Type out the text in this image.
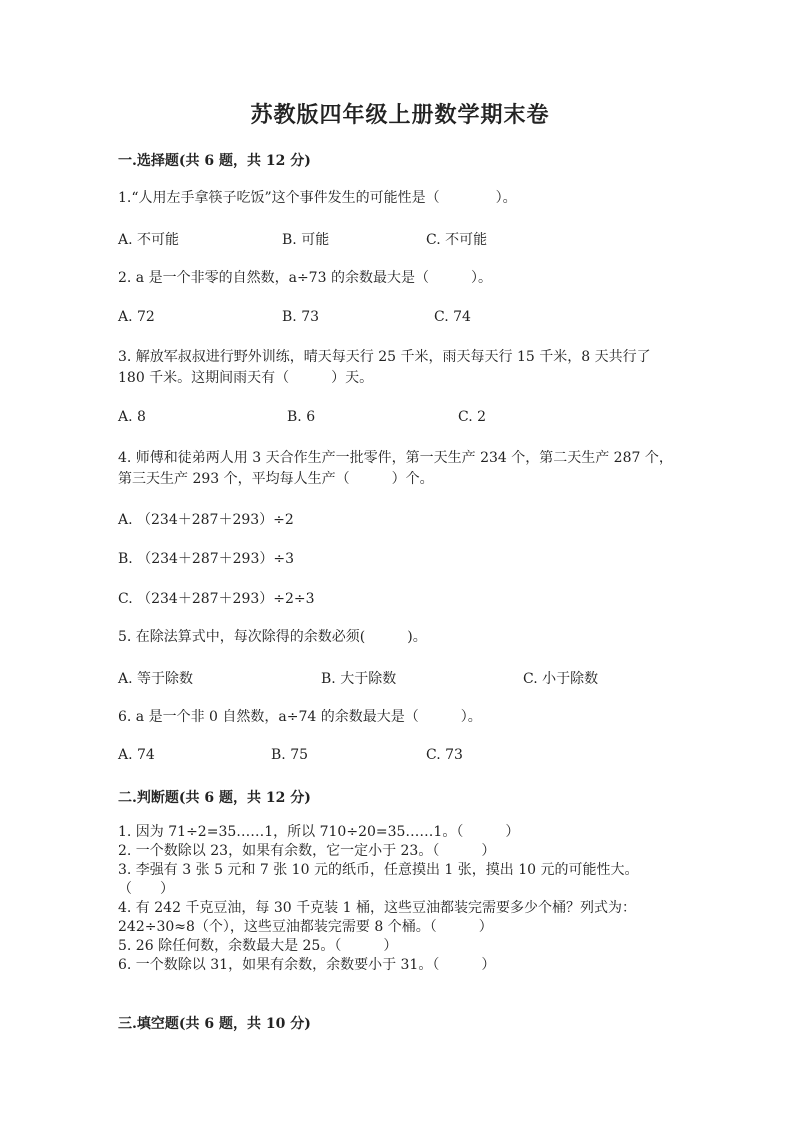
苏教版四年级上册数学期末卷
一.选择题(共 6 题，共 12 分)
1.“人用左手拿筷子吃饭”这个事件发生的可能性是（　　　　）。
A. 不可能	B. 可能	C. 不可能
2. a 是一个非零的自然数，a÷73 的余数最大是（　　　）。
A. 72	B. 73	C. 74
3. 解放军叔叔进行野外训练，晴天每天行 25 千米，雨天每天行 15 千米，8 天共行了 180 千米。这期间雨天有（　　　）天。
A. 8	B. 6	C. 2
4. 师傅和徒弟两人用 3 天合作生产一批零件，第一天生产 234 个，第二天生产 287 个，第三天生产 293 个，平均每人生产（　　　）个。
A. （234＋287＋293）÷2
B. （234＋287＋293）÷3
C. （234＋287＋293）÷2÷3
5. 在除法算式中，每次除得的余数必须(　　　)。
A. 等于除数	B. 大于除数	C. 小于除数
6. a 是一个非 0 自然数，a÷74 的余数最大是（　　　）。
A. 74	B. 75	C. 73
二.判断题(共 6 题，共 12 分)
1. 因为 71÷2=35……1，所以 710÷20=35……1。（　　　）
2. 一个数除以 23，如果有余数，它一定小于 23。（　　　）
3. 李强有 3 张 5 元和 7 张 10 元的纸币，任意摸出 1 张，摸出 10 元的可能性大。　　（　　）
4. 有 242 千克豆油，每 30 千克装 1 桶，这些豆油都装完需要多少个桶？列式为：242÷30≈8（个），这些豆油都装完需要 8 个桶。（　　　）
5. 26 除任何数，余数最大是 25。（　　　）
6. 一个数除以 31，如果有余数，余数要小于 31。（　　　）
三.填空题(共 6 题，共 10 分)
